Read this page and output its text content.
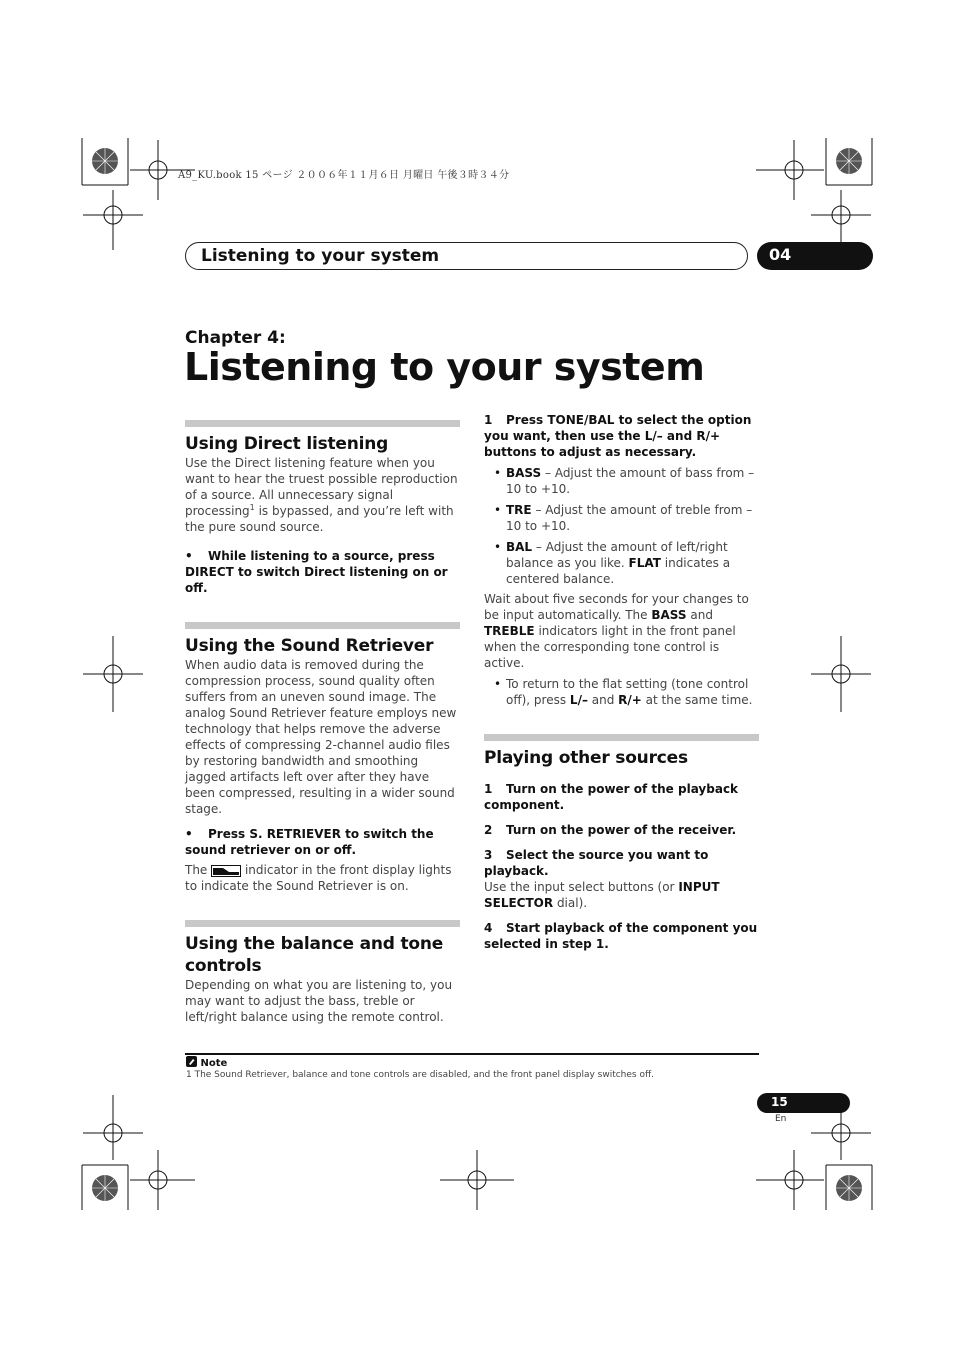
A9_KU.book 15 ページ ２００６年１１月６日 月曜日 午後３時３４分
Listening to your system	04
Chapter 4:
Listening to your system
Using Direct listening

Use the Direct listening feature when you want to hear the truest possible reproduction of a source. All unnecessary signal processing$^1$ is bypassed, and you’re left with the pure sound source.

• While listening to a source, press DIRECT to switch Direct listening on or off.

Using the Sound Retriever

When audio data is removed during the compression process, sound quality often suffers from an uneven sound image. The analog Sound Retriever feature employs new technology that helps remove the adverse effects of compressing 2-channel audio files by restoring bandwidth and smoothing jagged artifacts left over after they have been compressed, resulting in a wider sound stage.

• Press S. RETRIEVER to switch the sound retriever on or off.

The	indicator in the front display lights to indicate the Sound Retriever is on.

Using the balance and tone controls

Depending on what you are listening to, you may want to adjust the bass, treble or left/right balance using the remote control.

1 Press TONE/BAL to select the option you want, then use the L/– and R/+ buttons to adjust as necessary.

• BASS – Adjust the amount of bass from –10 to +10.
• TRE – Adjust the amount of treble from –10 to +10.
• BAL – Adjust the amount of left/right balance as you like. FLAT indicates a centered balance.

Wait about five seconds for your changes to be input automatically. The BASS and TREBLE indicators light in the front panel when the corresponding tone control is active.

• To return to the flat setting (tone control off), press L/– and R/+ at the same time.
Playing other sources

1 Turn on the power of the playback component.

2 Turn on the power of the receiver.

3 Select the source you want to playback.

Use the input select buttons (or INPUT SELECTOR dial).

4 Start playback of the component you selected in step 1.

Note
1 The Sound Retriever, balance and tone controls are disabled, and the front panel display switches off.
15
En
